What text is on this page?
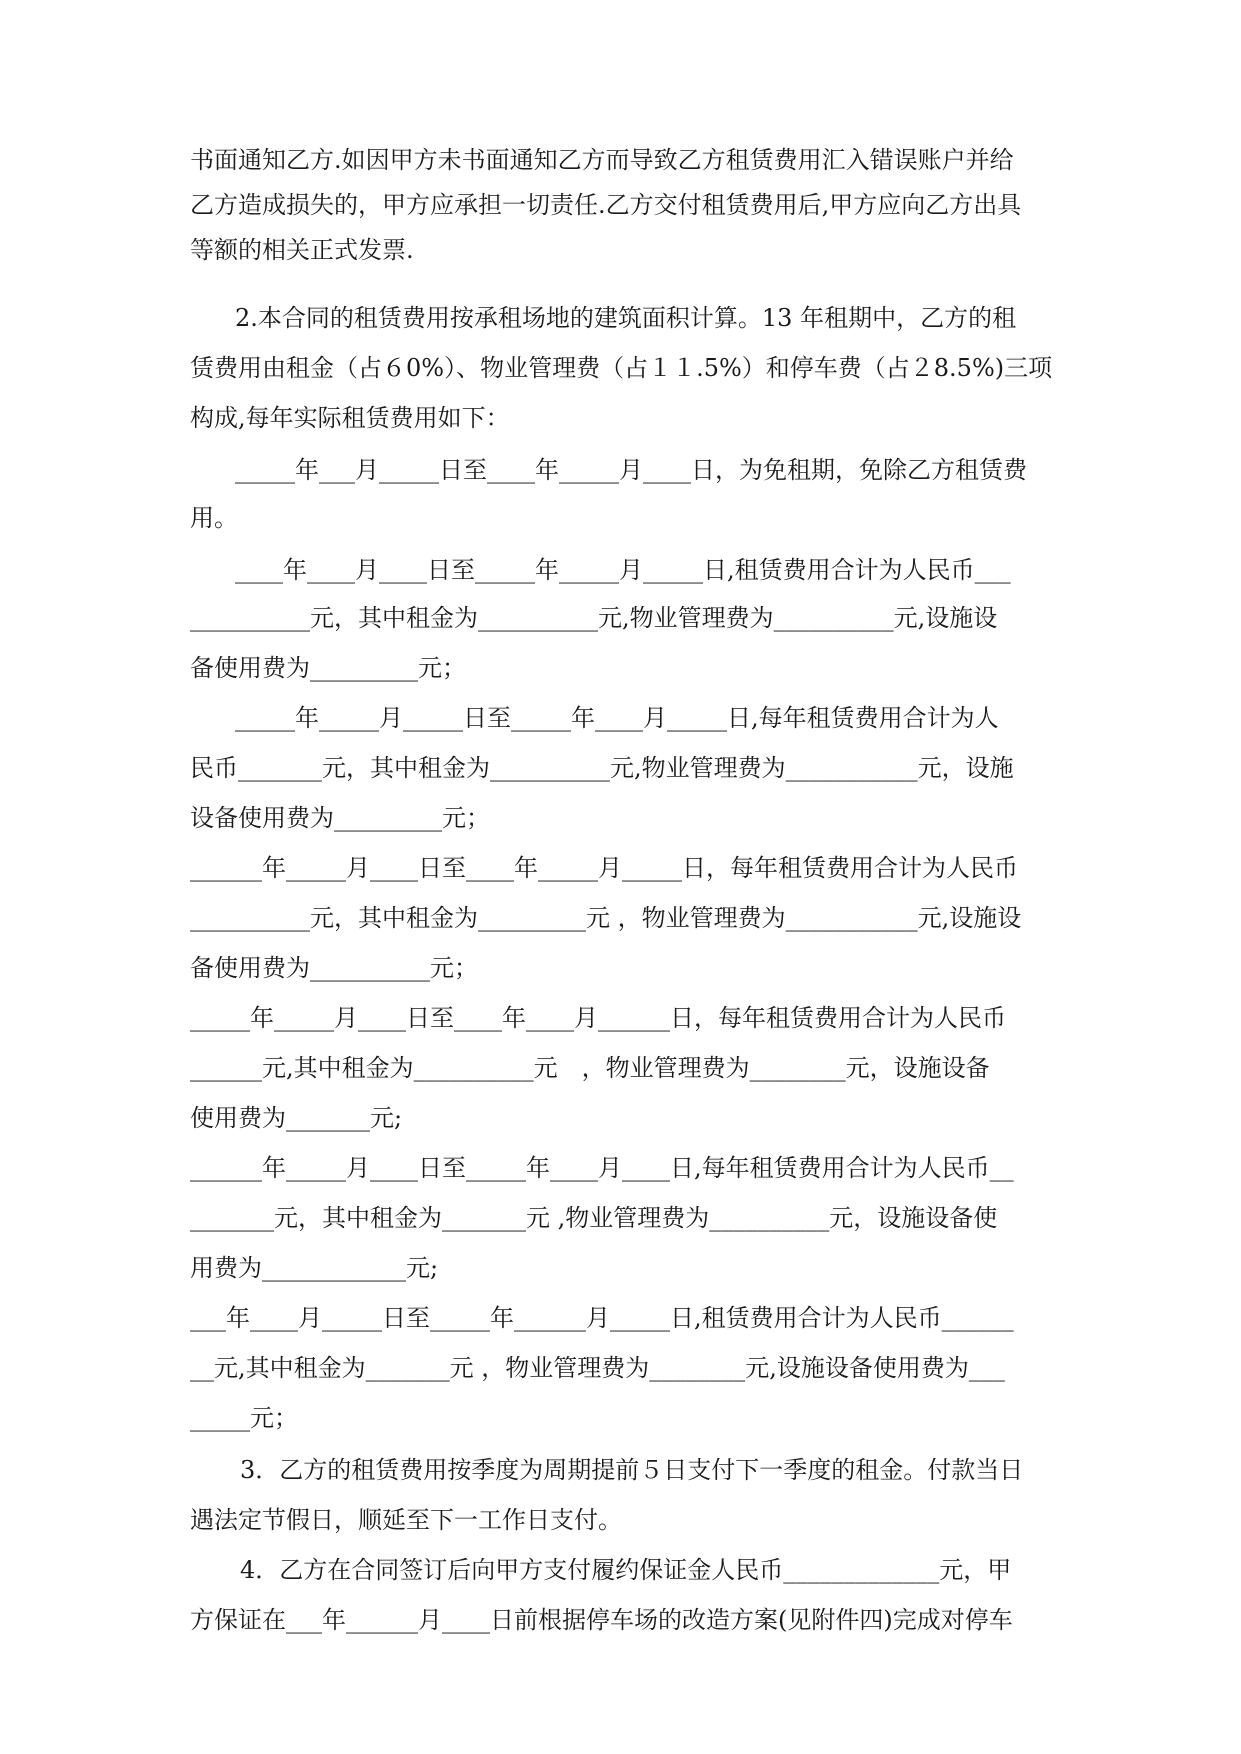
书面通知乙方.如因甲方未书面通知乙方而导致乙方租赁费用汇入错误账户并给

乙方造成损失的，甲方应承担一切责任.乙方交付租赁费用后,甲方应向乙方出具

等额的相关正式发票.

2.本合同的租赁费用按承租场地的建筑面积计算。13 年租期中，乙方的租

赁费用由租金（占６0%）、物业管理费（占１１.5%）和停车费（占２8.5%)三项

构成,每年实际租赁费用如下：

_____年___月_____日至____年_____月____日，为免租期，免除乙方租赁费

用。

____年____月____日至_____年_____月_____日,租赁费用合计为人民币___

__________元，其中租金为__________元,物业管理费为__________元,设施设

备使用费为_________元；

_____年_____月_____日至_____年____月_____日,每年租赁费用合计为人

民币_______元，其中租金为__________元,物业管理费为___________元，设施

设备使用费为_________元；

______年_____月____日至____年_____月_____日，每年租赁费用合计为人民币

__________元，其中租金为_________元 ，物业管理费为___________元,设施设

备使用费为__________元；

_____年_____月____日至____年____月______日，每年租赁费用合计为人民币

______元,其中租金为__________元　，物业管理费为________元，设施设备

使用费为_______元;

______年_____月____日至_____年____月____日,每年租赁费用合计为人民币__

_______元，其中租金为_______元 ,物业管理费为__________元，设施设备使

用费为____________元;

___年____月_____日至_____年______月_____日,租赁费用合计为人民币______

__元,其中租金为_______元 ，物业管理费为________元,设施设备使用费为___

_____元；

3．乙方的租赁费用按季度为周期提前５日支付下一季度的租金。付款当日

遇法定节假日，顺延至下一工作日支付。

4．乙方在合同签订后向甲方支付履约保证金人民币_____________元，甲

方保证在___年______月____日前根据停车场的改造方案(见附件四)完成对停车
